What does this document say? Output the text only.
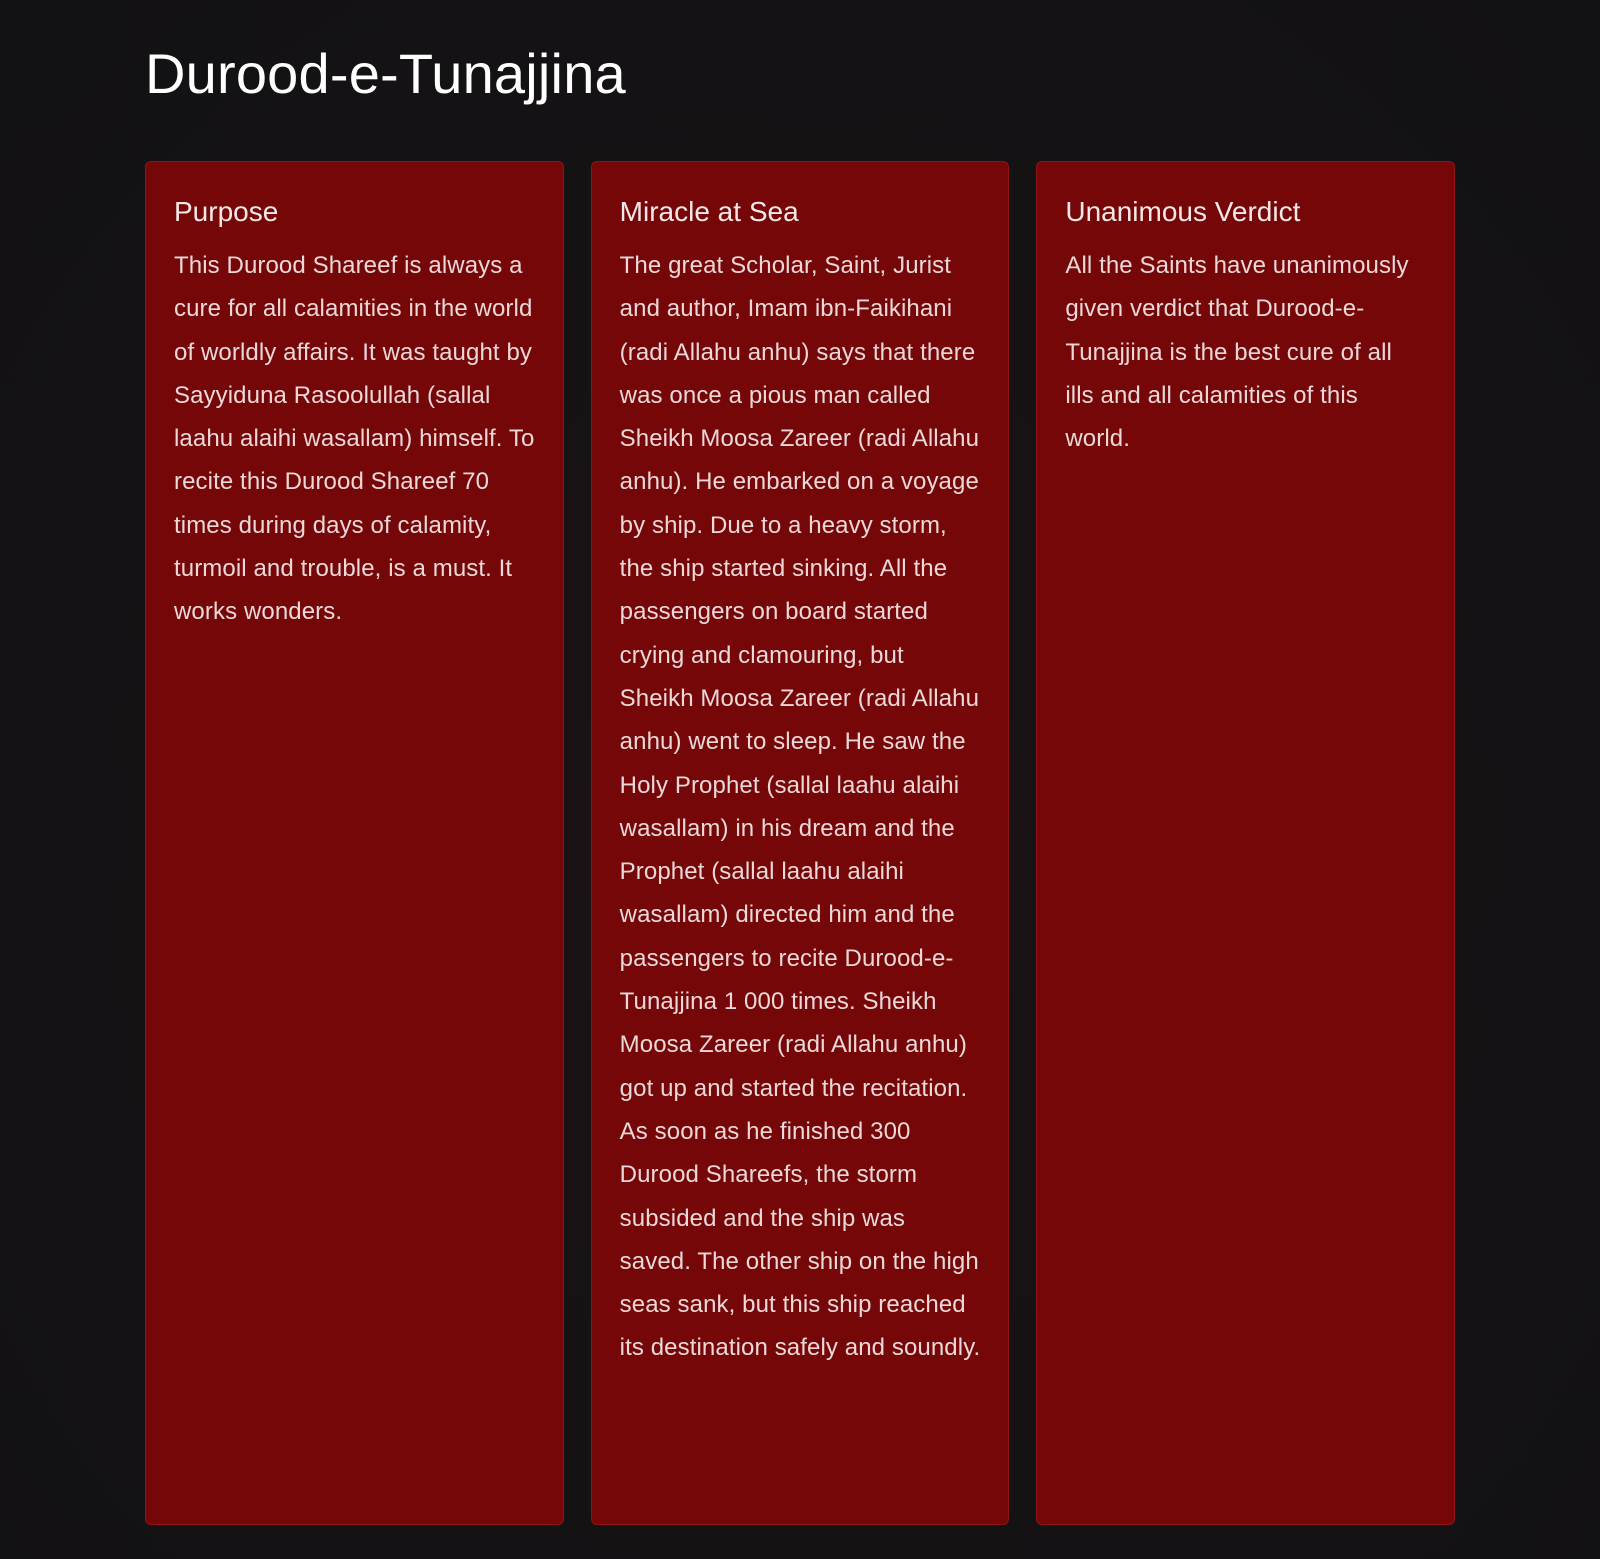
Durood-e-Tunajjina
Purpose

This Durood Shareef is always a cure for all calamities in the world of worldly affairs. It was taught by Sayyiduna Rasoolullah (sallal laahu alaihi wasallam) himself. To recite this Durood Shareef 70 times during days of calamity, turmoil and trouble, is a must. It works wonders.

Miracle at Sea

The great Scholar, Saint, Jurist and author, Imam ibn-Faikihani (radi Allahu anhu) says that there was once a pious man called Sheikh Moosa Zareer (radi Allahu anhu). He embarked on a voyage by ship. Due to a heavy storm, the ship started sinking. All the passengers on board started crying and clamouring, but Sheikh Moosa Zareer (radi Allahu anhu) went to sleep. He saw the Holy Prophet (sallal laahu alaihi wasallam) in his dream and the Prophet (sallal laahu alaihi wasallam) directed him and the passengers to recite Durood-e-Tunajjina 1 000 times. Sheikh Moosa Zareer (radi Allahu anhu) got up and started the recitation. As soon as he finished 300 Durood Shareefs, the storm subsided and the ship was saved. The other ship on the high seas sank, but this ship reached its destination safely and soundly.

Unanimous Verdict

All the Saints have unanimously given verdict that Durood-e-Tunajjina is the best cure of all ills and all calamities of this world.
